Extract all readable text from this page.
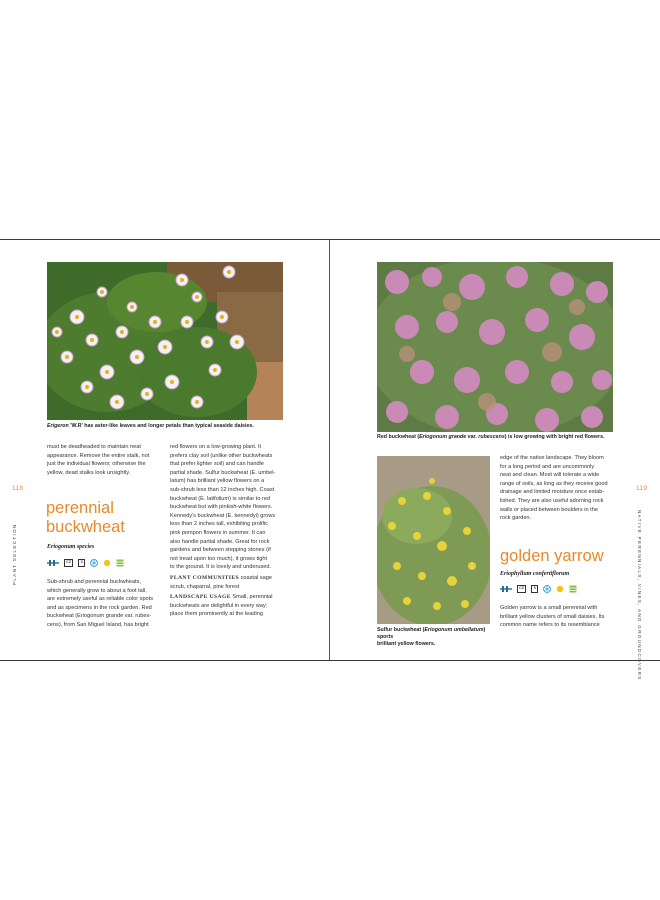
Erigeron 'W.R' has aster-like leaves and longer petals than typical seaside daisies.
118
PLANT SELECTION
must be deadheaded to maintain neat
appearance. Remove the entire stalk, not
just the individual flowers; otherwise the
yellow, dead stalks look unsightly.
perennial
buckwheat
Eriogonum species
c2	s
Sub-shrub and perennial buckwheats,
which generally grow to about a foot tall,
are extremely useful as reliable color spots
and as specimens in the rock garden. Red
buckwheat (Eriogonum grande var. rubes-
cens), from San Miguel Island, has bright
red flowers on a low-growing plant. It
prefers clay soil (unlike other buckwheats
that prefer lighter soil) and can handle
partial shade. Sulfur buckwheat (E. umbel-
latum) has brilliant yellow flowers on a
sub-shrub less than 12 inches high. Coast
buckwheat (E. latifolium) is similar to red
buckwheat but with pinkish-white flowers.
Kennedy's buckwheat (E. kennedyi) grows
less than 2 inches tall, exhibiting prolific
pink pompon flowers in summer. It can
also handle partial shade. Great for rock
gardens and between stepping stones (if
not tread upon too much), it grows tight
to the ground. It is lovely and underused.
PLANT COMMUNITIES coastal sage
scrub, chaparral, pine forest
LANDSCAPE USAGE Small, perennial
buckwheats are delightful in every way;
place them prominently at the leading
Red buckwheat (Eriogonum grande var. rubescens) is low growing with bright red flowers.
Sulfur buckwheat (Eriogonum umbellatum) sports
brilliant yellow flowers.
119
NATIVE PERENNIALS, VINES, AND GROUNDCOVERS
edge of the native landscape. They bloom
for a long period and are uncommonly
neat and clean. Most will tolerate a wide
range of soils, as long as they receive good
drainage and limited moisture once estab-
lished. They are also useful adorning rock
walls or placed between boulders in the
rock garden.
golden yarrow
Eriophyllum confertiflorum
c2	s
Golden yarrow is a small perennial with
brilliant yellow clusters of small daisies. Its
common name refers to its resemblance
